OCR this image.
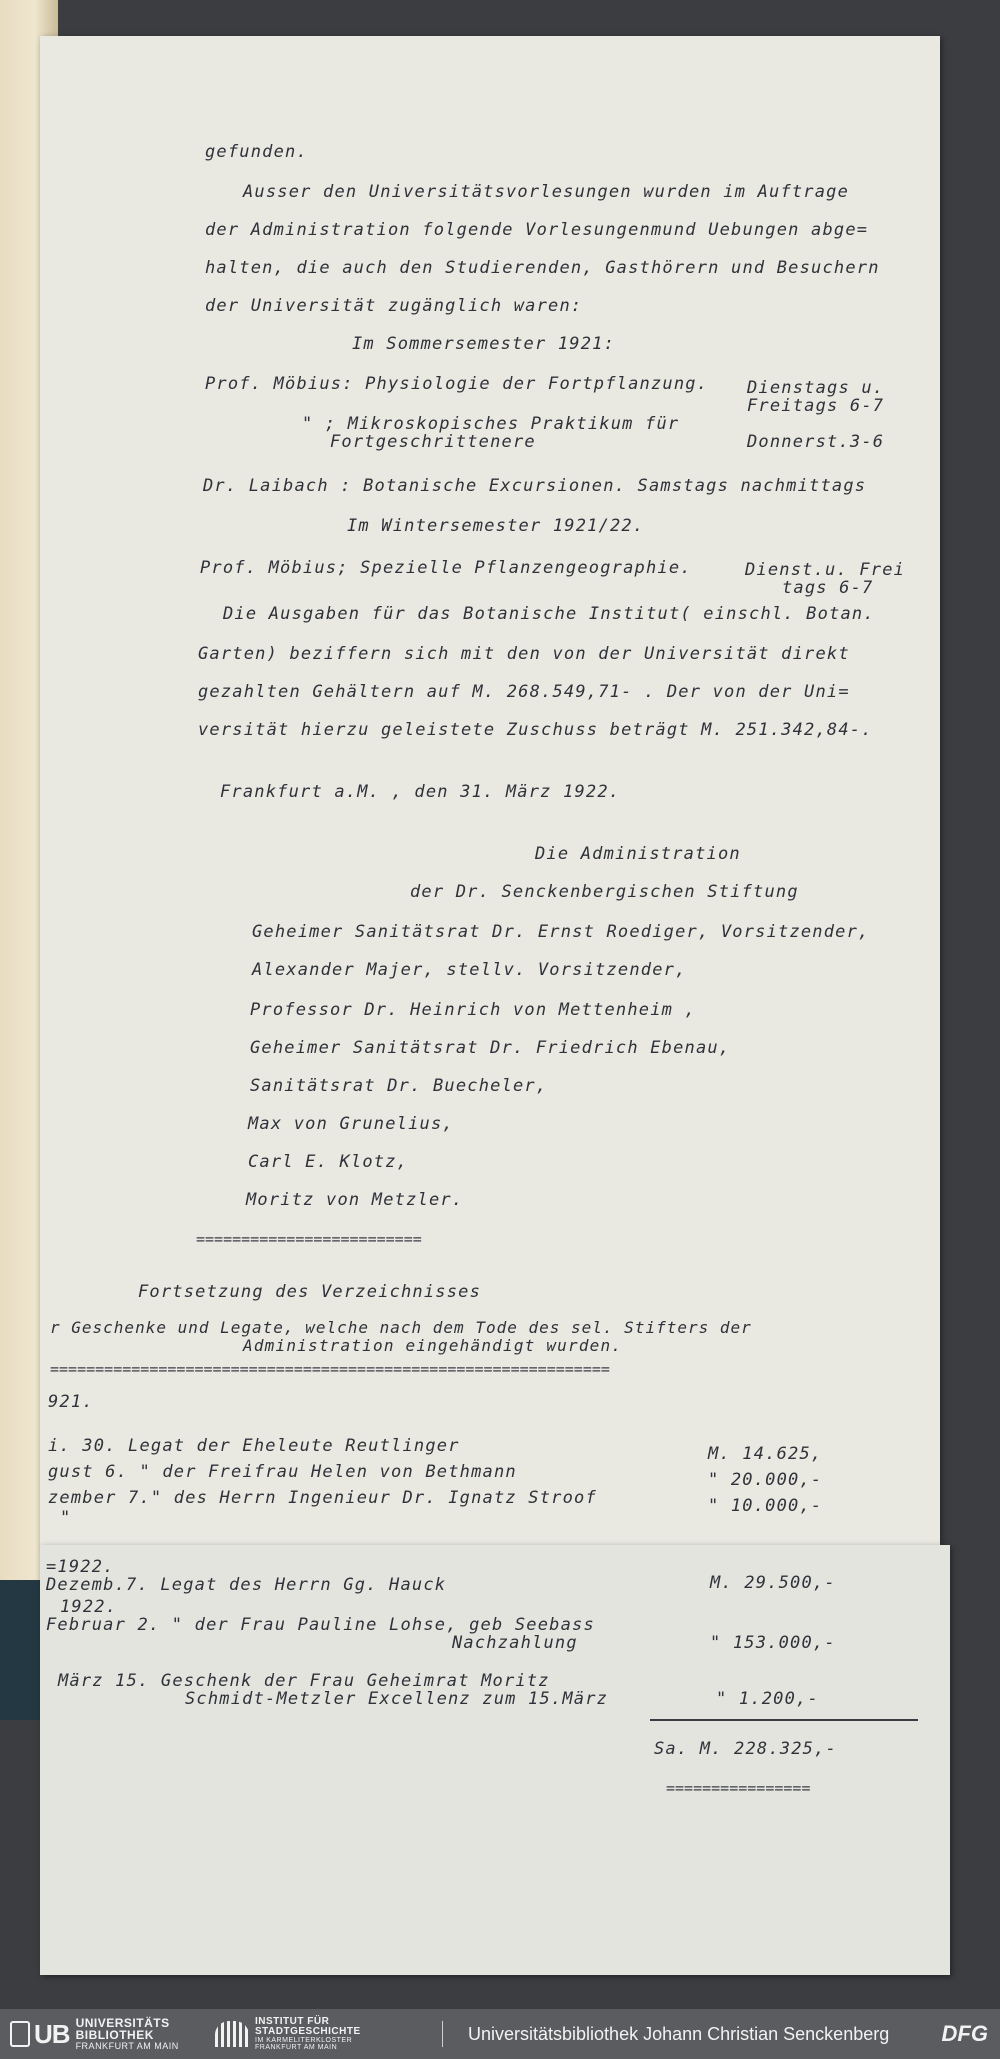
gefunden.
Ausser den Universitätsvorlesungen wurden im Auftrage
der Administration folgende Vorlesungenmund Uebungen abge=
halten, die auch den Studierenden, Gasthörern und Besuchern
der Universität zugänglich waren:
Im Sommersemester 1921:
Prof. Möbius: Physiologie der Fortpflanzung. Dienstags u.
Freitags 6-7
" ; Mikroskopisches Praktikum für
Fortgeschrittenere	Donnerst.3-6
Dr. Laibach : Botanische Excursionen. Samstags nachmittags
Im Wintersemester 1921/22.
Prof. Möbius; Spezielle Pflanzengeographie.	Dienst.u. Frei
tags 6-7
Die Ausgaben für das Botanische Institut( einschl. Botan.
Garten) beziffern sich mit den von der Universität direkt
gezahlten Gehältern auf M. 268.549,71- . Der von der Uni=
versität hierzu geleistete Zuschuss beträgt M. 251.342,84-.
Frankfurt a.M. , den 31. März 1922.
Die Administration
der Dr. Senckenbergischen Stiftung
Geheimer Sanitätsrat Dr. Ernst Roediger, Vorsitzender,
Alexander Majer, stellv. Vorsitzender,
Professor Dr. Heinrich von Mettenheim ,
Geheimer Sanitätsrat Dr. Friedrich Ebenau,
Sanitätsrat Dr. Buecheler,
Max von Grunelius,
Carl E. Klotz,
Moritz von Metzler.
=========================
Fortsetzung des Verzeichnisses
r Geschenke und Legate, welche nach dem Tode des sel. Stifters der
Administration eingehändigt wurden.
==============================================================
921.
i. 30. Legat der Eheleute Reutlinger	M. 14.625,
gust 6. " der Freifrau Helen von Bethmann	" 20.000,-
zember 7." des Herrn Ingenieur Dr. Ignatz Stroof	" 10.000,-
"
=1922.
Dezemb.7. Legat des Herrn Gg. Hauck	M. 29.500,-
1922.
Februar 2. " der Frau Pauline Lohse, geb Seebass
Nachzahlung	" 153.000,-
März 15. Geschenk der Frau Geheimrat Moritz
Schmidt-Metzler Excellenz zum 15.März	" 1.200,-
Sa. M. 228.325,-
================
UB UNIVERSITÄTS
BIBLIOTHEK
FRANKFURT AM MAIN
INSTITUT FÜR
STADTGESCHICHTE
IM KARMELITERKLOSTER
FRANKFURT AM MAIN
Universitätsbibliothek Johann Christian Senckenberg DFG
